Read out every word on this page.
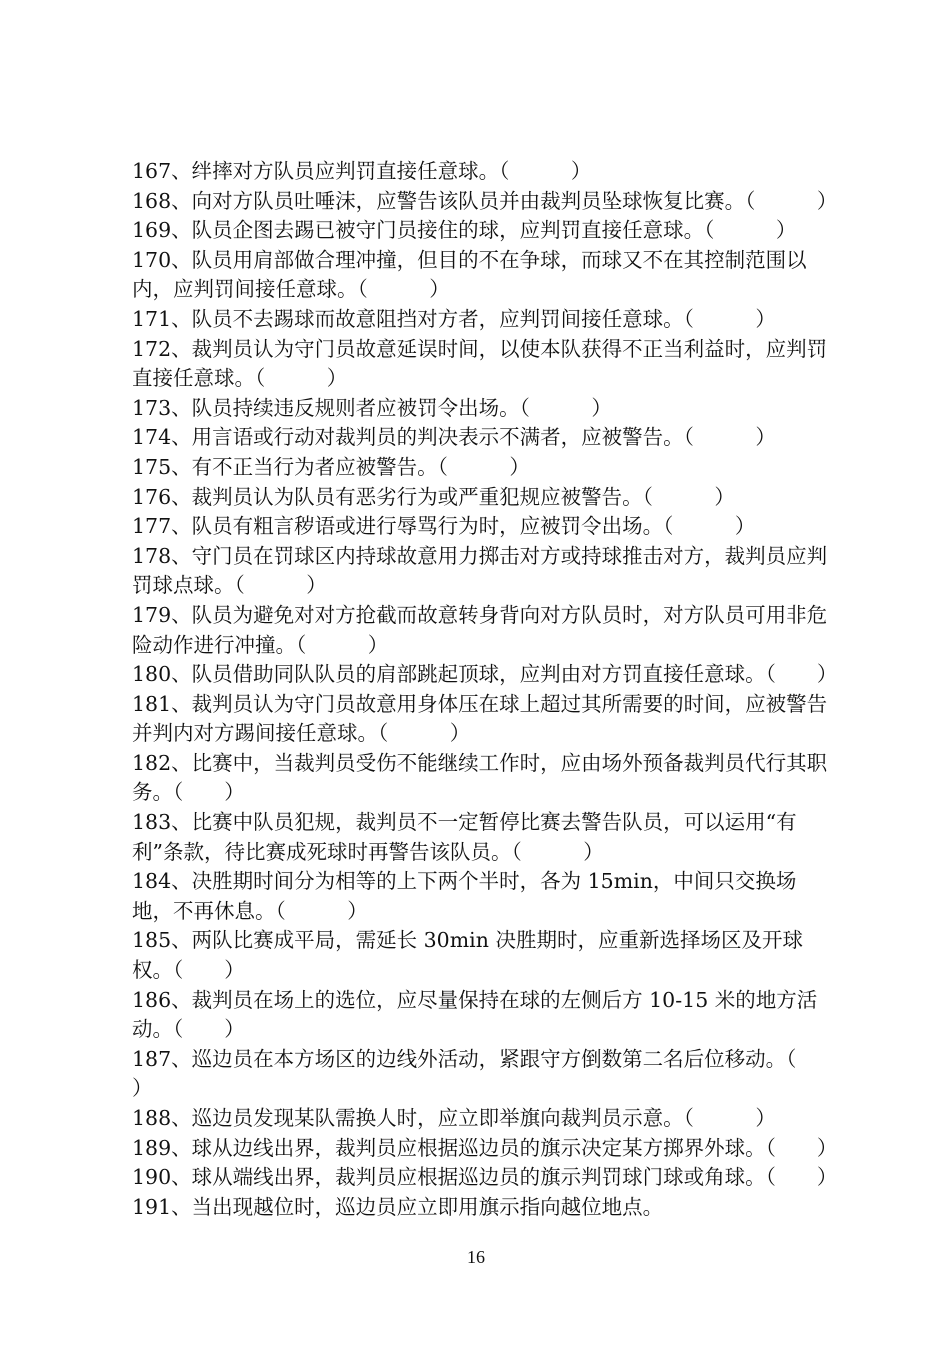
167、绊摔对方队员应判罚直接任意球。（　　　）

168、向对方队员吐唾沫，应警告该队员并由裁判员坠球恢复比赛。（　　　）

169、队员企图去踢已被守门员接住的球，应判罚直接任意球。（　　　）

170、队员用肩部做合理冲撞，但目的不在争球，而球又不在其控制范围以内，应判罚间接任意球。（　　　）

171、队员不去踢球而故意阻挡对方者，应判罚间接任意球。（　　　）

172、裁判员认为守门员故意延误时间，以使本队获得不正当利益时，应判罚直接任意球。（　　　）

173、队员持续违反规则者应被罚令出场。（　　　）

174、用言语或行动对裁判员的判决表示不满者，应被警告。（　　　）

175、有不正当行为者应被警告。（　　　）

176、裁判员认为队员有恶劣行为或严重犯规应被警告。（　　　）

177、队员有粗言秽语或进行辱骂行为时，应被罚令出场。（　　　）

178、守门员在罚球区内持球故意用力掷击对方或持球推击对方，裁判员应判罚球点球。（　　　）

179、队员为避免对对方抢截而故意转身背向对方队员时，对方队员可用非危险动作进行冲撞。（　　　）

180、队员借助同队队员的肩部跳起顶球，应判由对方罚直接任意球。（　　）

181、裁判员认为守门员故意用身体压在球上超过其所需要的时间，应被警告并判内对方踢间接任意球。（　　　）

182、比赛中，当裁判员受伤不能继续工作时，应由场外预备裁判员代行其职务。（　　）

183、比赛中队员犯规，裁判员不一定暂停比赛去警告队员，可以运用“有利”条款，待比赛成死球时再警告该队员。（　　　）

184、决胜期时间分为相等的上下两个半时，各为 15min，中间只交换场地，不再休息。（　　　）

185、两队比赛成平局，需延长 30min 决胜期时，应重新选择场区及开球权。（　　）

186、裁判员在场上的选位，应尽量保持在球的左侧后方 10-15 米的地方活动。（　　）

187、巡边员在本方场区的边线外活动，紧跟守方倒数第二名后位移动。（　　）

188、巡边员发现某队需换人时，应立即举旗向裁判员示意。（　　　）

189、球从边线出界，裁判员应根据巡边员的旗示决定某方掷界外球。（　　）

190、球从端线出界，裁判员应根据巡边员的旗示判罚球门球或角球。（　　）

191、当出现越位时，巡边员应立即用旗示指向越位地点。

16
